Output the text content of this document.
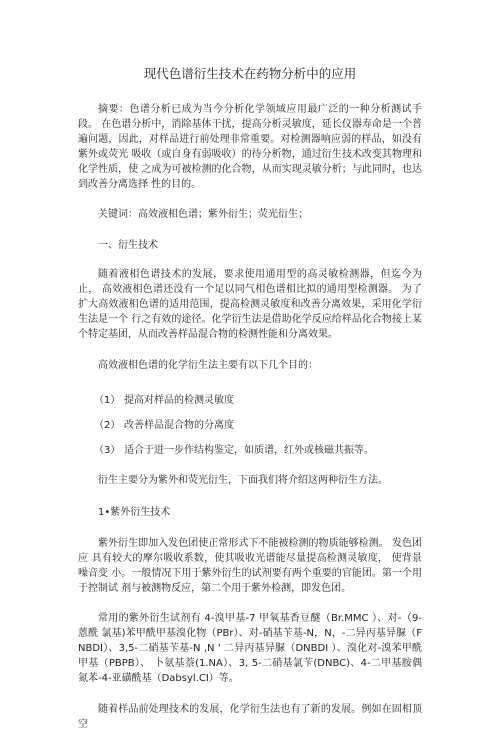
现代色谱衍生技术在药物分析中的应用

摘要：色谱分析已成为当今分析化学领域应用最广泛的一种分析测试手段。 在色谱分析中，消除基体干扰，提高分析灵敏度，延长仪器寿命是一个普遍问题，因此，对样品进行前处理非常重要。对检测器响应弱的样品，如没有紫外或荧光 吸收（或自身有弱吸收）的待分析物，通过衍生技术改变其物理和化学性质，使 之成为可被检测的化合物，从而实现灵敏分析；与此同时，也达到改善分离选择 性的目的。

关键词：高效液相色谱；紫外衍生；荧光衍生；

一、衍生技术

随着液相色谱技术的发展，要求使用通用型的高灵敏检测器，但迄今为止， 高效液相色谱还没有一个足以同气相色谱相比拟的通用型检测器。 为了扩大高效液相色谱的适用范围，提高检测灵敏度和改善分离效果，采用化学衍生法是一个 行之有效的途径。化学衍生法是借助化学反应给样品化合物接上某个特定基团，从而改善样品混合物的检测性能和分离效果。

高效液相色谱的化学衍生法主要有以下几个目的：

（1） 提高对样品的检测灵敏度

（2） 改善样品混合物的分离度

（3） 适合于进一步作结构鉴定，如质谱，红外或核磁共振等。

衍生主要分为紫外和荧光衍生，下面我们将介绍这两种衍生方法。

1•紫外衍生技术

紫外衍生即加入发色团使正常形式下不能被检测的物质能够检测。 发色团应 具有较大的摩尔吸收系数，使其吸收光谱能尽量提高检测灵敏度， 使背景噪音变 小。一般情况下用于紫外衍生的试剂要有两个重要的官能团。第一个用于控制试 剂与被测物反应，第二个用于紫外检测，即发色团。

常用的紫外衍生试剂有 4-溴甲基-7 甲氧基香豆醚（Br.MMC ）、对-（9-蒽酰 氯基)苯甲酰甲基溴化物（PBr）、对-硝基苄基-N，N，-二异丙基异脲（FNBDI）、3,5-二硝基苄基-N ,N ' 二异丙基异脲（DNBDI ）、溴化对-溴苯甲酰甲基（PBPB）、 卜氨基萘(1.NA）、3, 5-二硝基氯苄(DNBC)、4-二甲基胺偶氮苯-4-亚磺酰基（Dabsyl.CI）等。

随着样品前处理技术的发展，化学衍生法也有了新的发展。例如在固相顶空
